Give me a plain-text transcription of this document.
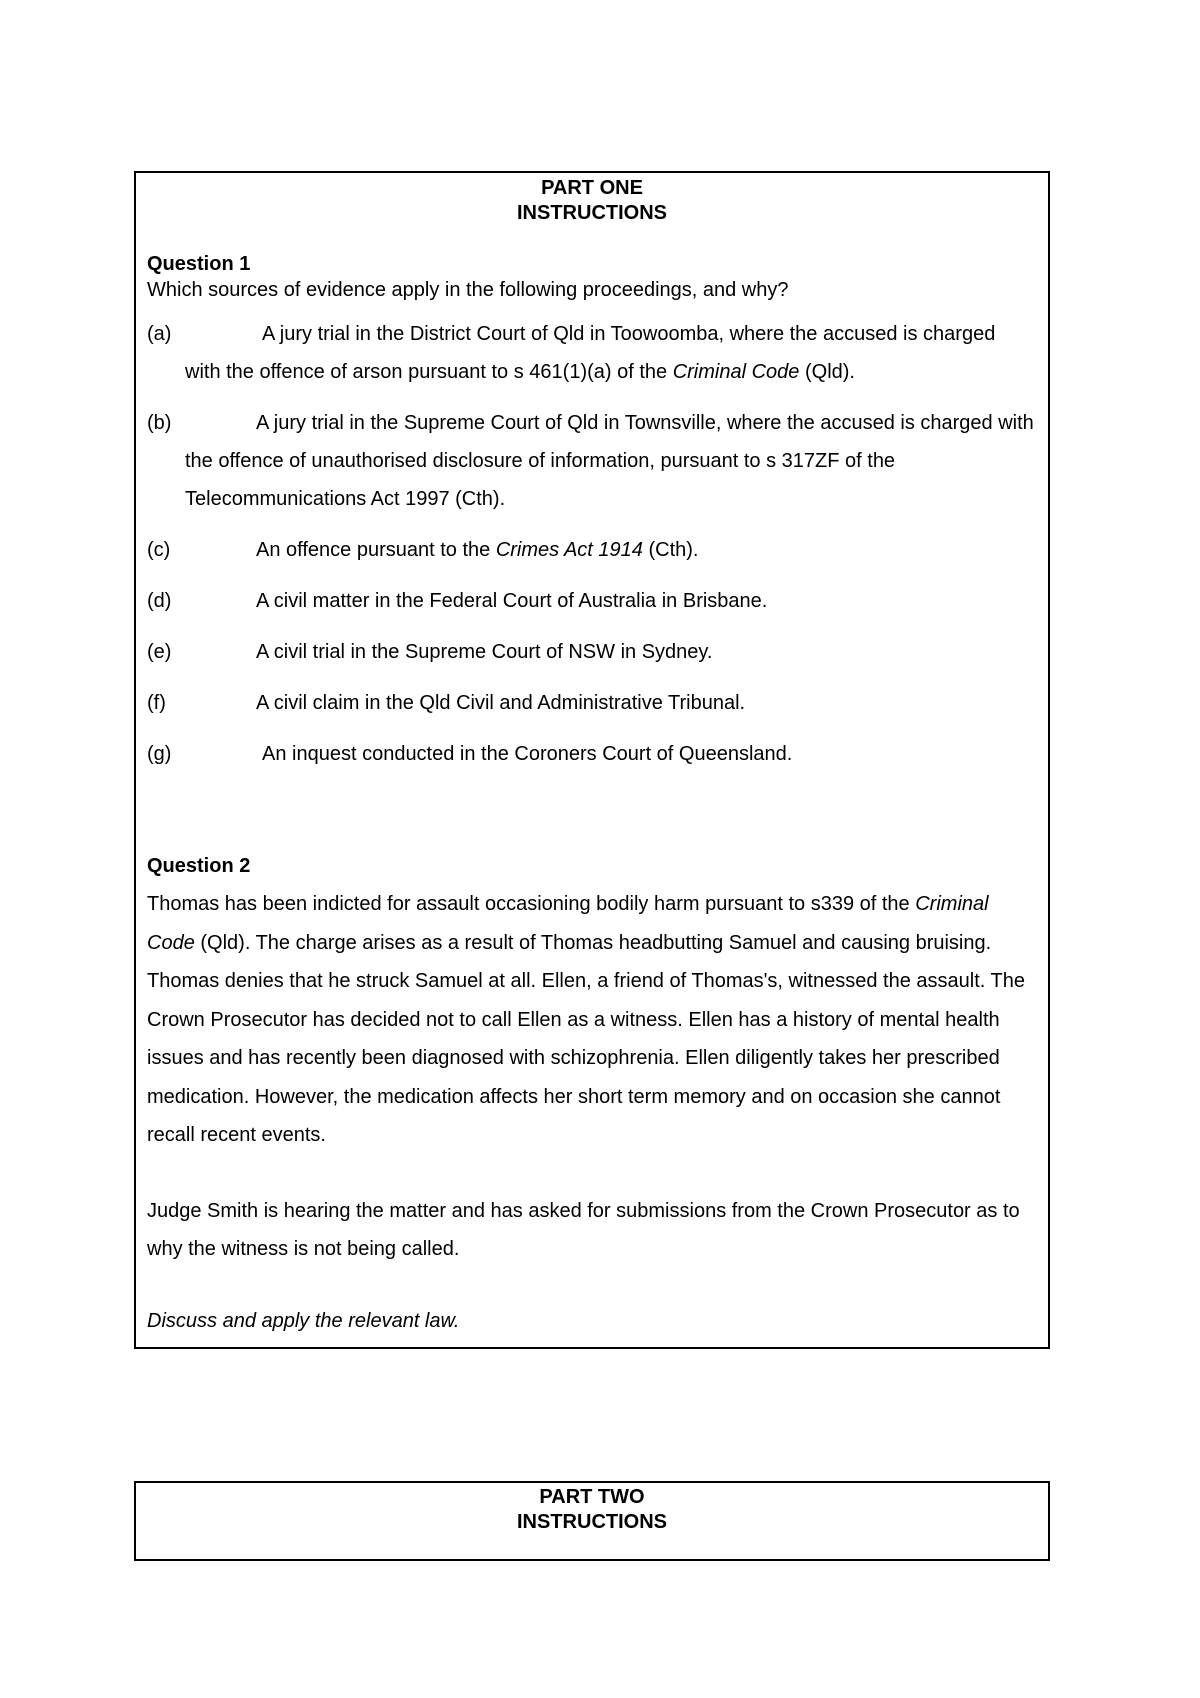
PART ONE
INSTRUCTIONS
Question 1

Which sources of evidence apply in the following proceedings, and why?

(a)	A jury trial in the District Court of Qld in Toowoomba, where the accused is charged with the offence of arson pursuant to s 461(1)(a) of the Criminal Code (Qld).
(b)	A jury trial in the Supreme Court of Qld in Townsville, where the accused is charged with the offence of unauthorised disclosure of information, pursuant to s 317ZF of the Telecommunications Act 1997 (Cth).
(c)	An offence pursuant to the Crimes Act 1914 (Cth).
(d)	A civil matter in the Federal Court of Australia in Brisbane.
(e)	A civil trial in the Supreme Court of NSW in Sydney.
(f)	A civil claim in the Qld Civil and Administrative Tribunal.
(g)	An inquest conducted in the Coroners Court of Queensland.
Question 2

Thomas has been indicted for assault occasioning bodily harm pursuant to s339 of the Criminal Code (Qld). The charge arises as a result of Thomas headbutting Samuel and causing bruising. Thomas denies that he struck Samuel at all. Ellen, a friend of Thomas's, witnessed the assault. The Crown Prosecutor has decided not to call Ellen as a witness. Ellen has a history of mental health issues and has recently been diagnosed with schizophrenia. Ellen diligently takes her prescribed medication. However, the medication affects her short term memory and on occasion she cannot recall recent events.

Judge Smith is hearing the matter and has asked for submissions from the Crown Prosecutor as to why the witness is not being called.

Discuss and apply the relevant law.
PART TWO
INSTRUCTIONS
